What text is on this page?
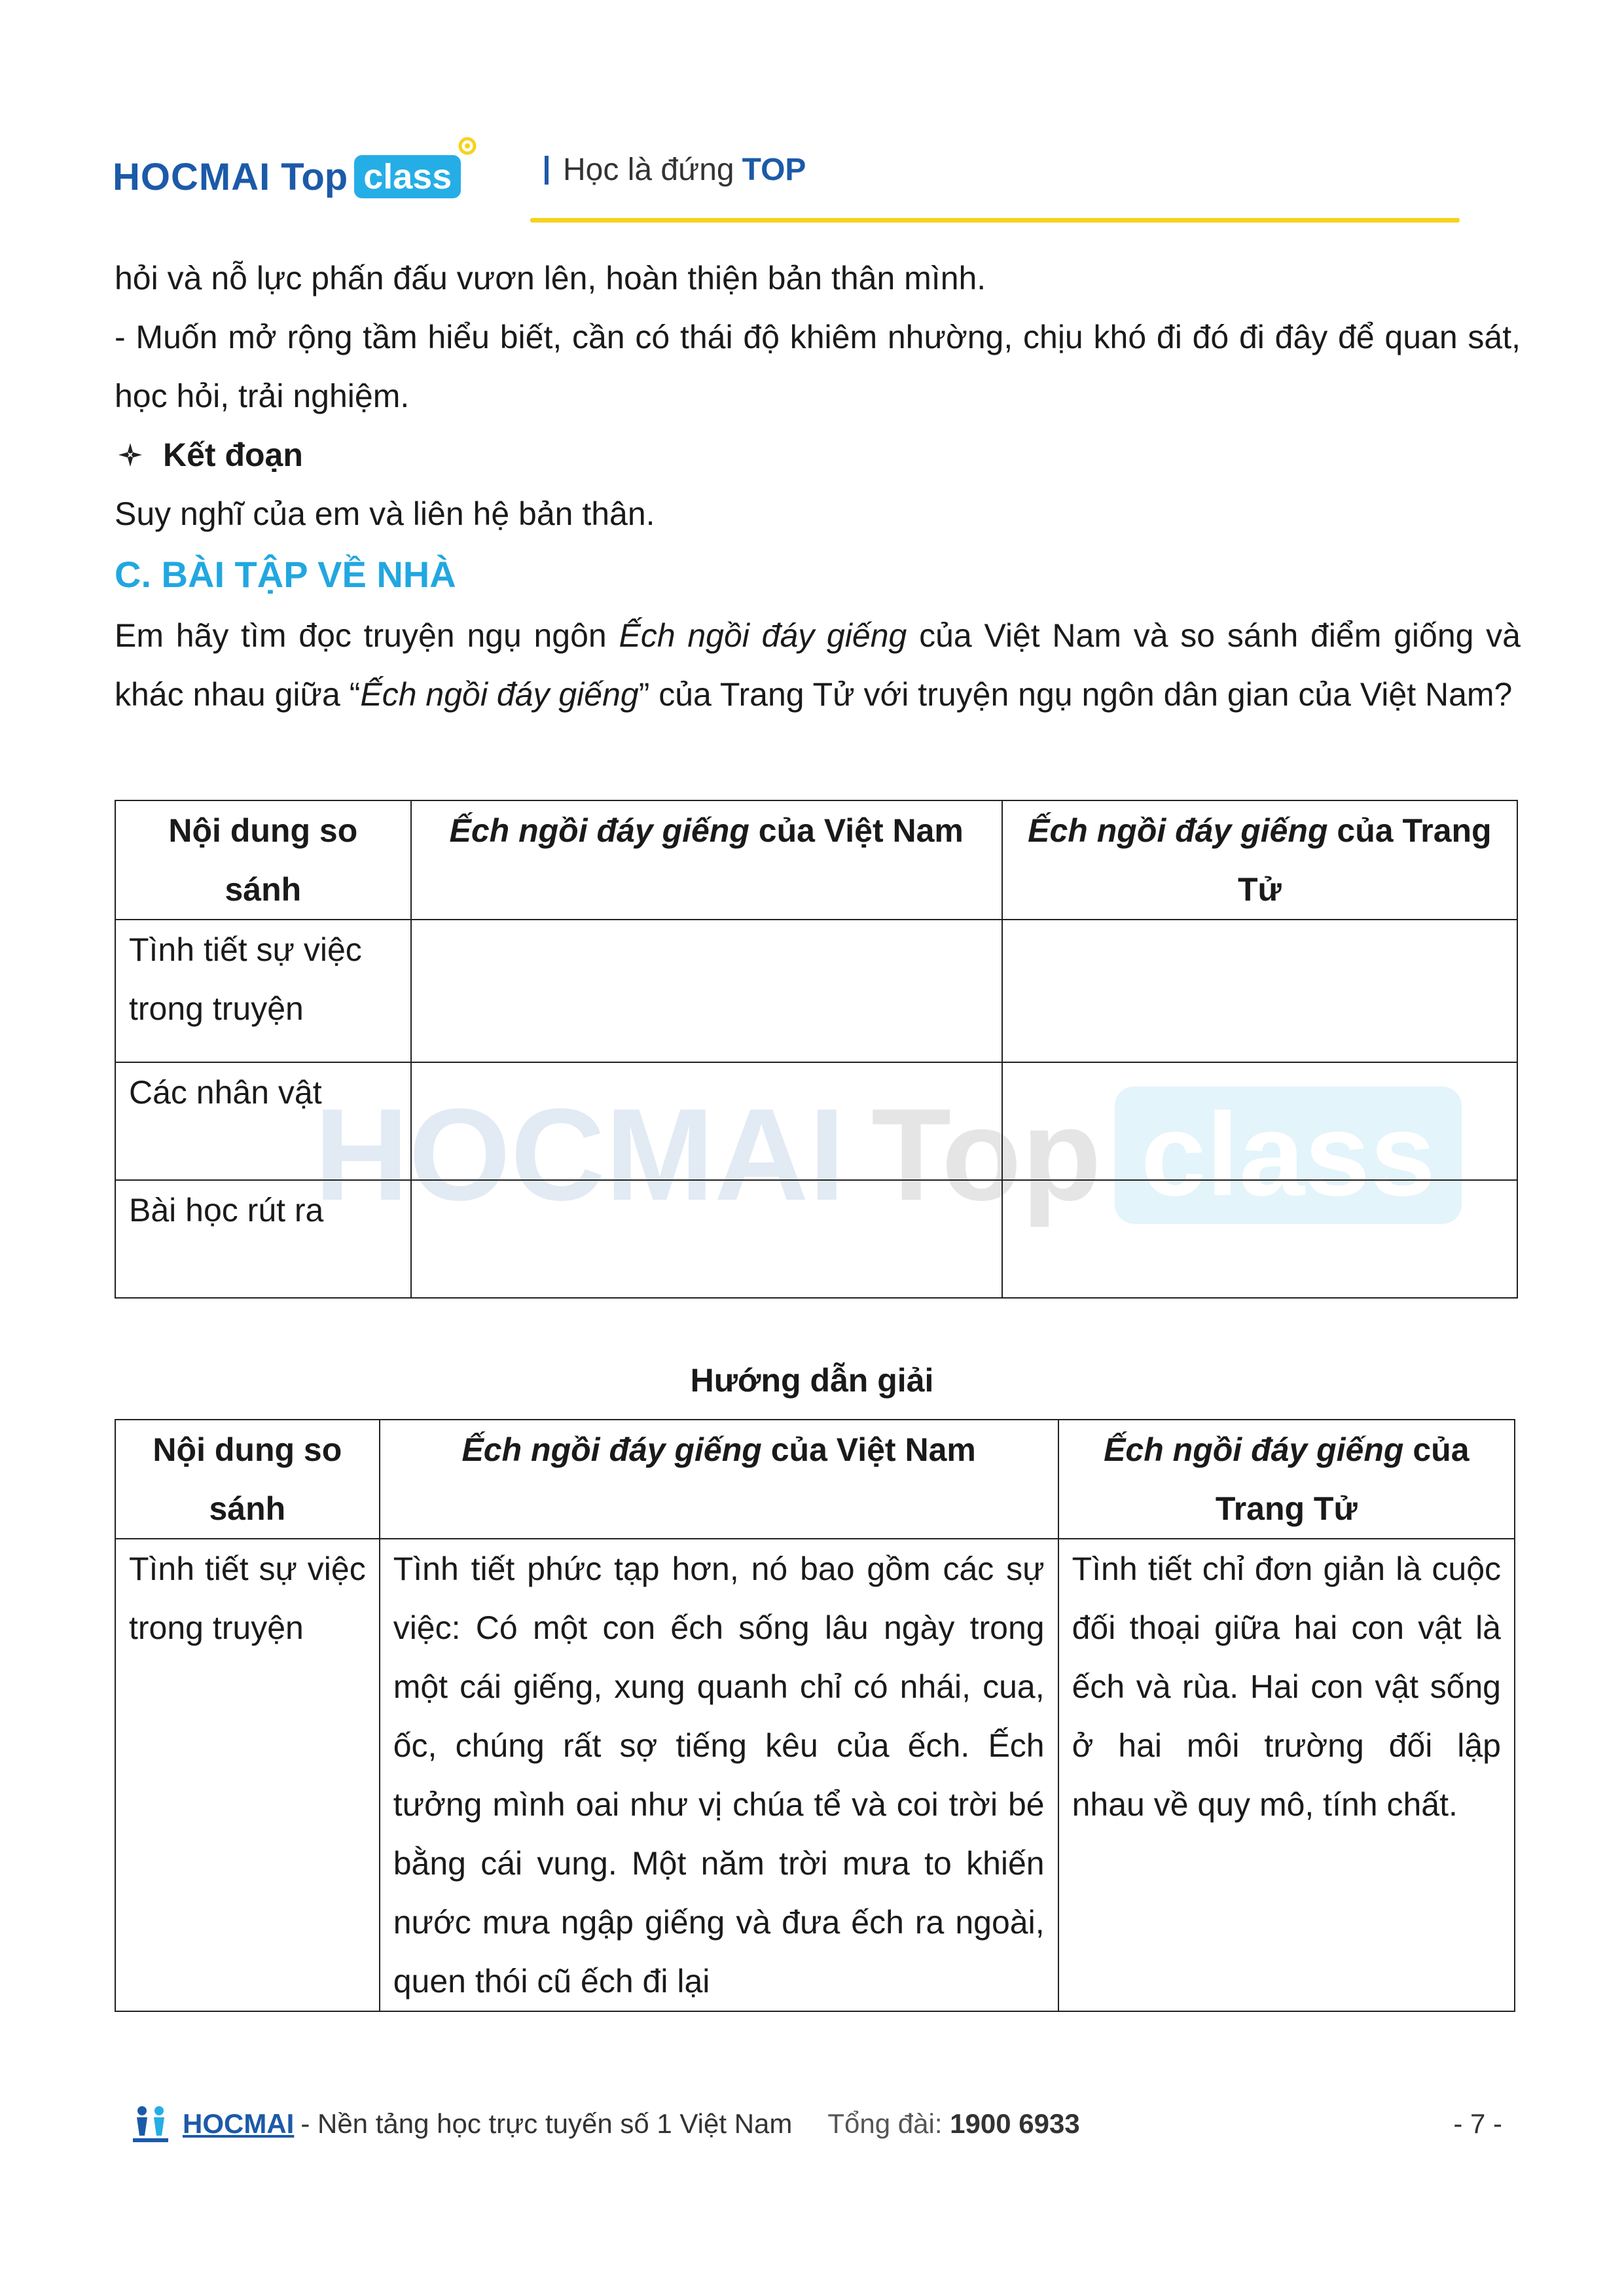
HOCMAI Top class	Học là đứng TOP
HOCMAI Top class

hỏi và nỗ lực phấn đấu vươn lên, hoàn thiện bản thân mình.

- Muốn mở rộng tầm hiểu biết, cần có thái độ khiêm nhường, chịu khó đi đó đi đây để quan sát, học hỏi, trải nghiệm.

Kết đoạn

Suy nghĩ của em và liên hệ bản thân.

C. BÀI TẬP VỀ NHÀ

Em hãy tìm đọc truyện ngụ ngôn Ếch ngồi đáy giếng của Việt Nam và so sánh điểm giống và khác nhau giữa “Ếch ngồi đáy giếng” của Trang Tử với truyện ngụ ngôn dân gian của Việt Nam?

Nội dung so sánh	Ếch ngồi đáy giếng của Việt Nam	Ếch ngồi đáy giếng của Trang Tử
Tình tiết sự việc trong truyện		
Các nhân vật		
Bài học rút ra		
Hướng dẫn giải
Nội dung so sánh	Ếch ngồi đáy giếng của Việt Nam	Ếch ngồi đáy giếng của Trang Tử
Tình tiết sự việc trong truyện	Tình tiết phức tạp hơn, nó bao gồm các sự việc: Có một con ếch sống lâu ngày trong một cái giếng, xung quanh chỉ có nhái, cua, ốc, chúng rất sợ tiếng kêu của ếch. Ếch tưởng mình oai như vị chúa tể và coi trời bé bằng cái vung. Một năm trời mưa to khiến nước mưa ngập giếng và đưa ếch ra ngoài, quen thói cũ ếch đi lại	Tình tiết chỉ đơn giản là cuộc đối thoại giữa hai con vật là ếch và rùa. Hai con vật sống ở hai môi trường đối lập nhau về quy mô, tính chất.
HOCMAI - Nền tảng học trực tuyến số 1 Việt Nam Tổng đài: 1900 6933	- 7 -
